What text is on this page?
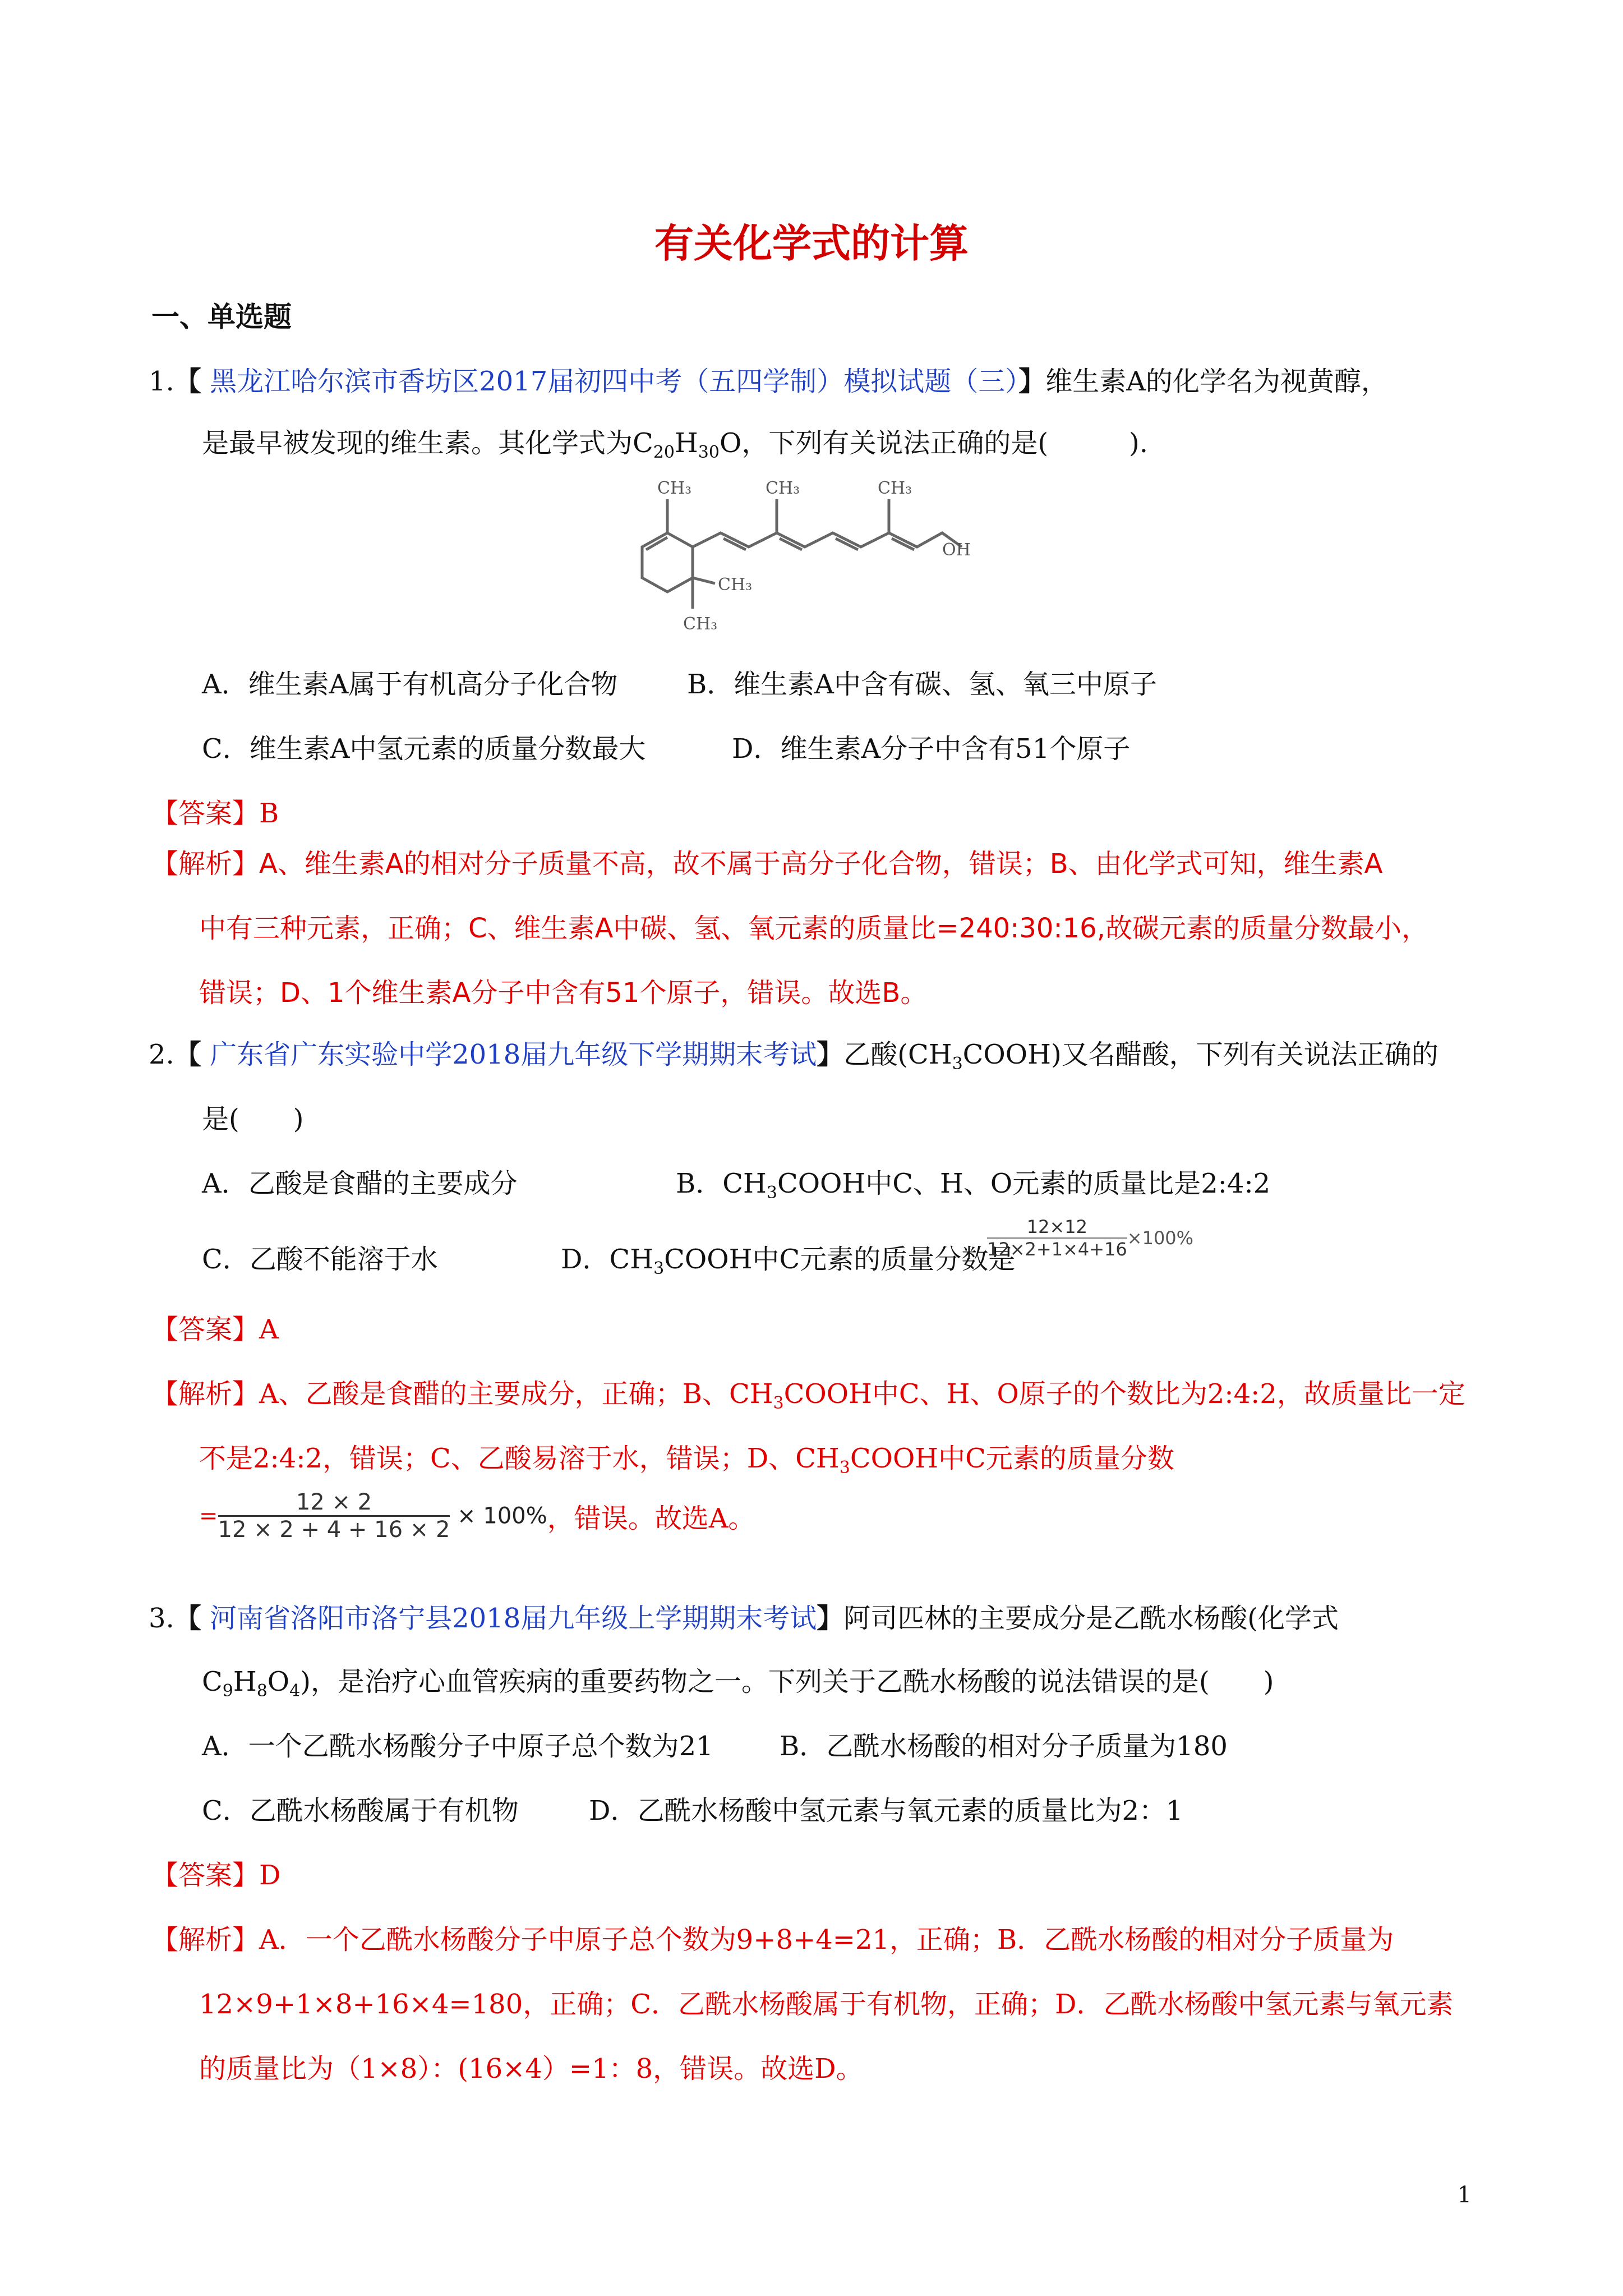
有关化学式的计算
一、单选题
1.【 黑龙江哈尔滨市香坊区2017届初四中考（五四学制）模拟试题（三）】维生素A的化学名为视黄醇，
是最早被发现的维生素。其化学式为$C_{20}H_{30}O$，下列有关说法正确的是(　　　).
CH₃	CH₃	CH₃
OH
CH₃
CH₃
A．维生素A属于有机高分子化合物	B．维生素A中含有碳、氢、氧三中原子
C．维生素A中氢元素的质量分数最大	D．维生素A分子中含有51个原子
【答案】B
【解析】A、维生素A的相对分子质量不高，故不属于高分子化合物，错误；B、由化学式可知，维生素A
中有三种元素，正确；C、维生素A中碳、氢、氧元素的质量比=240:30:16,故碳元素的质量分数最小，
错误；D、1个维生素A分子中含有51个原子，错误。故选B。
2.【 广东省广东实验中学2018届九年级下学期期末考试】乙酸$(CH_3COOH)$又名醋酸，下列有关说法正确的
是(　　)
A．乙酸是食醋的主要成分	B．$CH_3COOH$中C、H、O元素的质量比是2:4:2
C．乙酸不能溶于水	D．$CH_3COOH$中C元素的质量分数是
$\frac{12\times 12}{12\times 2+1\times 4+16} \times 100\%$
【答案】A
【解析】A、乙酸是食醋的主要成分，正确；B、$CH_3COOH$中C、H、O原子的个数比为2:4:2，故质量比一定
不是2:4:2，错误；C、乙酸易溶于水，错误；D、$CH_3COOH$中C元素的质量分数
= $\frac{12 \times 2}{12 \times 2 + 4 + 16 \times 2} \times 100\%$，错误。故选A。
3.【 河南省洛阳市洛宁县2018届九年级上学期期末考试】阿司匹林的主要成分是乙酰水杨酸(化学式
$C_9H_8O_4$)，是治疗心血管疾病的重要药物之一。下列关于乙酰水杨酸的说法错误的是(　　)
A．一个乙酰水杨酸分子中原子总个数为21 B．乙酰水杨酸的相对分子质量为180
C．乙酰水杨酸属于有机物	D．乙酰水杨酸中氢元素与氧元素的质量比为2：1
【答案】D
【解析】A．一个乙酰水杨酸分子中原子总个数为9+8+4=21，正确；B．乙酰水杨酸的相对分子质量为
12×9+1×8+16×4=180，正确；C．乙酰水杨酸属于有机物，正确；D．乙酰水杨酸中氢元素与氧元素
的质量比为（1×8）：(16×4）=1：8，错误。故选D。
1
